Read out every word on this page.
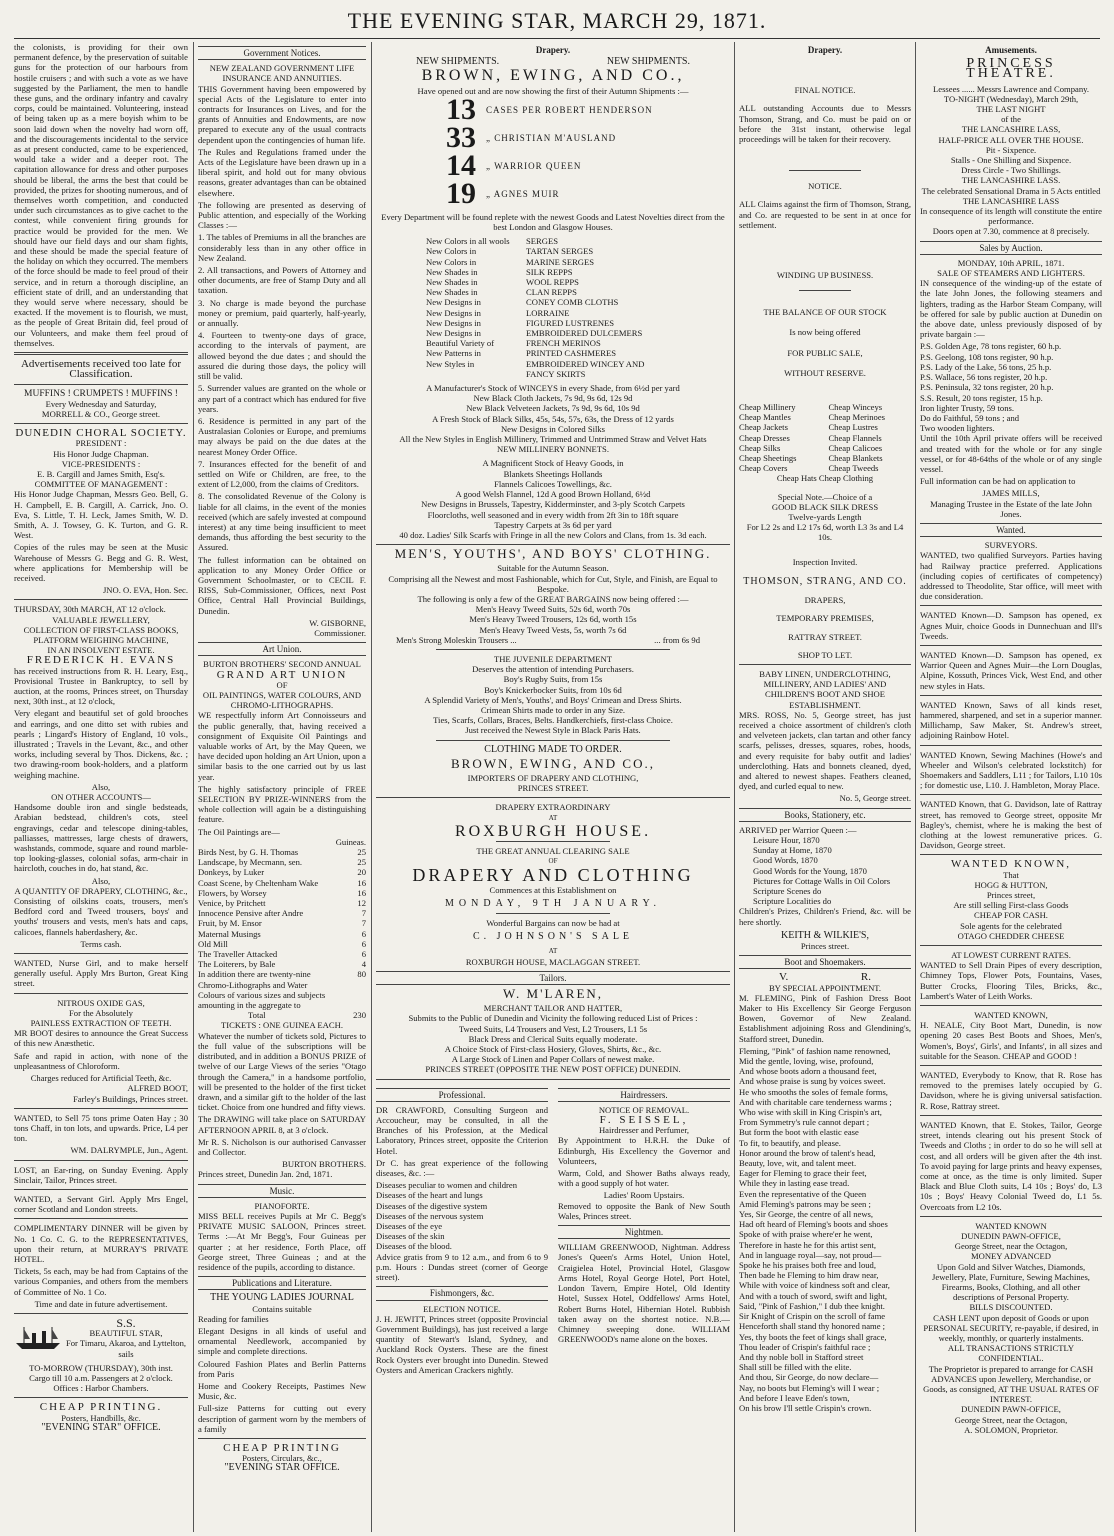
THE EVENING STAR, MARCH 29, 1871.

the colonists, is providing for their own permanent defence, by the preservation of suitable guns for the protection of our harbours from hostile cruisers ; and with such a vote as we have suggested by the Parliament, the men to handle these guns, and the ordinary infantry and cavalry corps, could be maintained. Volunteering, instead of being taken up as a mere boyish whim to be soon laid down when the novelty had worn off, and the discouragements incidental to the service as at present conducted, came to be experienced, would take a wider and a deeper root. The capitation allowance for dress and other purposes should be liberal, the arms the best that could be provided, the prizes for shooting numerous, and of themselves worth competition, and conducted under such circumstances as to give cachet to the contest, while convenient firing grounds for practice would be provided for the men. We should have our field days and our sham fights, and these should be made the special feature of the holiday on which they occurred. The members of the force should be made to feel proud of their service, and in return a thorough discipline, an efficient state of drill, and an understanding that they would serve where necessary, should be exacted. If the movement is to flourish, we must, as the people of Great Britain did, feel proud of our Volunteers, and make them feel proud of themselves.

Advertisements received too late for Classification.
MUFFINS ! CRUMPETS ! MUFFINS !
Every Wednesday and Saturday,
MORRELL & CO., George street.
DUNEDIN CHORAL SOCIETY.
PRESIDENT :
His Honor Judge Chapman.
VICE-PRESIDENTS :
E. B. Cargill and James Smith, Esq's.
COMMITTEE OF MANAGEMENT :

His Honor Judge Chapman, Messrs Geo. Bell, G. H. Campbell, E. B. Cargill, A. Carrick, Jno. O. Eva, S. Little, T. H. Leck, James Smith, W. D. Smith, A. J. Towsey, G. K. Turton, and G. R. West.

Copies of the rules may be seen at the Music Warehouse of Messrs G. Begg and G. R. West, where applications for Membership will be received.

JNO. O. EVA, Hon. Sec.
THURSDAY, 30th MARCH, AT 12 o'clock.
VALUABLE JEWELLERY,
COLLECTION OF FIRST-CLASS BOOKS,
PLATFORM WEIGHING MACHINE,
IN AN INSOLVENT ESTATE.
FREDERICK H. EVANS

has received instructions from R. H. Leary, Esq., Provisional Trustee in Bankruptcy, to sell by auction, at the rooms, Princes street, on Thursday next, 30th inst., at 12 o'clock,

Very elegant and beautiful set of gold brooches and earrings, and one ditto set with rubies and pearls ; Lingard's History of England, 10 vols., illustrated ; Travels in the Levant, &c., and other works, including several by Thos. Dickens, &c. ; two drawing-room book-holders, and a platform weighing machine.

Also,
ON OTHER ACCOUNTS—

Handsome double iron and single bedsteads, Arabian bedstead, children's cots, steel engravings, cedar and telescope dining-tables, palliasses, mattresses, large chests of drawers, washstands, commode, square and round marble-top looking-glasses, colonial sofas, arm-chair in haircloth, couches in do, hat stand, &c.

Also,
A QUANTITY OF DRAPERY, CLOTHING, &c.,

Consisting of oilskins coats, trousers, men's Bedford cord and Tweed trousers, boys' and youths' trousers and vests, men's hats and caps, calicoes, flannels haberdashery, &c.

Terms cash.

WANTED, Nurse Girl, and to make herself generally useful. Apply Mrs Burton, Great King street.

NITROUS OXIDE GAS,
For the Absolutely
PAINLESS EXTRACTION OF TEETH.

MR BOOT desires to announce the Great Success of this new Anæsthetic.

Safe and rapid in action, with none of the unpleasantness of Chloroform.

Charges reduced for Artificial Teeth, &c.
ALFRED BOOT,
Farley's Buildings, Princes street.

WANTED, to Sell 75 tons prime Oaten Hay ; 30 tons Chaff, in ton lots, and upwards. Price, L4 per ton.

WM. DALRYMPLE, Jun., Agent.

LOST, an Ear-ring, on Sunday Evening. Apply Sinclair, Tailor, Princes street.

WANTED, a Servant Girl. Apply Mrs Engel, corner Scotland and London streets.

COMPLIMENTARY DINNER will be given by No. 1 Co. C. G. to the REPRESENTATIVES, upon their return, at MURRAY'S PRIVATE HOTEL.

Tickets, 5s each, may be had from Captains of the various Companies, and others from the members of Committee of No. 1 Co.

Time and date in future advertisement.
S.S.
BEAUTIFUL STAR,
For Timaru, Akaroa, and Lyttelton, sails
TO-MORROW (THURSDAY), 30th inst.
Cargo till 10 a.m. Passengers at 2 o'clock.
Offices : Harbor Chambers.
CHEAP PRINTING.
Posters, Handbills, &c.
"EVENING STAR" OFFICE.
Government Notices.
NEW ZEALAND GOVERNMENT LIFE INSURANCE AND ANNUITIES.

THIS Government having been empowered by special Acts of the Legislature to enter into contracts for Insurances on Lives, and for the grants of Annuities and Endowments, are now prepared to execute any of the usual contracts dependent upon the contingencies of human life.

The Rules and Regulations framed under the Acts of the Legislature have been drawn up in a liberal spirit, and hold out for many obvious reasons, greater advantages than can be obtained elsewhere.

The following are presented as deserving of Public attention, and especially of the Working Classes :—

1. The tables of Premiums in all the branches are considerably less than in any other office in New Zealand.

2. All transactions, and Powers of Attorney and other documents, are free of Stamp Duty and all taxation.

3. No charge is made beyond the purchase money or premium, paid quarterly, half-yearly, or annually.

4. Fourteen to twenty-one days of grace, according to the intervals of payment, are allowed beyond the due dates ; and should the assured die during those days, the policy will still be valid.

5. Surrender values are granted on the whole or any part of a contract which has endured for five years.

6. Residence is permitted in any part of the Australasian Colonies or Europe, and premiums may always be paid on the due dates at the nearest Money Order Office.

7. Insurances effected for the benefit of and settled on Wife or Children, are free, to the extent of L2,000, from the claims of Creditors.

8. The consolidated Revenue of the Colony is liable for all claims, in the event of the monies received (which are safely invested at compound interest) at any time being insufficient to meet demands, thus affording the best security to the Assured.

The fullest information can be obtained on application to any Money Order Office or Government Schoolmaster, or to CECIL F. RISS, Sub-Commissioner, Offices, next Post Office, Central Hall Provincial Buildings, Dunedin.

W. GISBORNE,
Commissioner.
Art Union.
BURTON BROTHERS' SECOND ANNUAL
GRAND ART UNION
OF
OIL PAINTINGS, WATER COLOURS, AND CHROMO-LITHOGRAPHS.

WE respectfully inform Art Connoisseurs and the public generally, that, having received a consignment of Exquisite Oil Paintings and valuable works of Art, by the May Queen, we have decided upon holding an Art Union, upon a similar basis to the one carried out by us last year.

The highly satisfactory principle of FREE SELECTION BY PRIZE-WINNERS from the whole collection will again be a distinguishing feature.

The Oil Paintings are—
Guineas.
Birds Nest, by G. H. Thomas	25
Landscape, by Mecmann, sen.	25
Donkeys, by Luker	20
Coast Scene, by Cheltenham Wake	16
Flowers, by Worsey	16
Venice, by Pritchett	12
Innocence Pensive after Andre	7
Fruit, by M. Ensor	7
Maternal Musings	6
Old Mill	6
The Traveller Attacked	6
The Loiterers, by Bale	4
In addition there are twenty-nine Chromo-Lithographs and Water Colours of various sizes and subjects amounting in the aggregate to
80
Total	230
TICKETS : ONE GUINEA EACH.

Whatever the number of tickets sold, Pictures to the full value of the subscriptions will be distributed, and in addition a BONUS PRIZE of twelve of our Large Views of the series "Otago through the Camera," in a handsome portfolio, will be presented to the holder of the first ticket drawn, and a similar gift to the holder of the last ticket. Choice from one hundred and fifty views.

The DRAWING will take place on SATURDAY AFTERNOON APRIL 8, at 3 o'clock.

Mr R. S. Nicholson is our authorised Canvasser and Collector.

BURTON BROTHERS.
Princes street, Dunedin Jan. 2nd, 1871.
Music.
PIANOFORTE.

MISS BELL receives Pupils at Mr C. Begg's PRIVATE MUSIC SALOON, Princes street. Terms :—At Mr Begg's, Four Guineas per quarter ; at her residence, Forth Place, off George street, Three Guineas ; and at the residence of the pupils, according to distance.

Publications and Literature.
THE YOUNG LADIES JOURNAL
Contains suitable

Reading for families

Elegant Designs in all kinds of useful and ornamental Needlework, accompanied by simple and complete directions.

Coloured Fashion Plates and Berlin Patterns from Paris

Home and Cookery Receipts, Pastimes New Music, &c.

Full-size Patterns for cutting out every description of garment worn by the members of a family

CHEAP PRINTING
Posters, Circulars, &c.,
"EVENING STAR OFFICE.
Drapery.
NEW SHIPMENTS.	NEW SHIPMENTS.
BROWN, EWING, AND CO.,
Have opened out and are now showing the first of their Autumn Shipments :—
13	CASES PER ROBERT HENDERSON
33	„ CHRISTIAN M'AUSLAND
14	„ WARRIOR QUEEN
19	„ AGNES MUIR
Every Department will be found replete with the newest Goods and Latest Novelties direct from the best London and Glasgow Houses.
New Colors in all wools SERGES
New Colors in	TARTAN SERGES
New Colors in	MARINE SERGES
New Shades in	SILK REPPS
New Shades in	WOOL REPPS
New Shades in	CLAN REPPS
New Designs in	CONEY COMB CLOTHS
New Designs in	LORRAINE
New Designs in	FIGURED LUSTRENES
New Designs in	EMBROIDERED DULCEMERS
Beautiful Variety of	FRENCH MERINOS
New Patterns in	PRINTED CASHMERES
New Styles in	EMBROIDERED WINCEY AND FANCY SKIRTS
A Manufacturer's Stock of WINCEYS in every Shade, from 6½d per yard
New Black Cloth Jackets, 7s 9d, 9s 6d, 12s 9d
New Black Velveteen Jackets, 7s 9d, 9s 6d, 10s 9d
A Fresh Stock of Black Silks, 45s, 54s, 57s, 63s, the Dress of 12 yards
New Designs in Colored Silks
All the New Styles in English Millinery, Trimmed and Untrimmed Straw and Velvet Hats
NEW MILLINERY BONNETS.
A Magnificent Stock of Heavy Goods, in
Blankets Sheetings Hollands
Flannels Calicoes Towellings, &c.
A good Welsh Flannel, 12d A good Brown Holland, 6½d
New Designs in Brussels, Tapestry, Kidderminster, and 3-ply Scotch Carpets
Floorcloths, well seasoned and in every width from 2ft 3in to 18ft square
Tapestry Carpets at 3s 6d per yard
40 doz. Ladies' Silk Scarfs with Fringe in all the new Colors and Clans, from 1s. 3d each.
MEN'S, YOUTHS', AND BOYS' CLOTHING.
Suitable for the Autumn Season.
Comprising all the Newest and most Fashionable, which for Cut, Style, and Finish, are Equal to Bespoke.
The following is only a few of the GREAT BARGAINS now being offered :—
Men's Heavy Tweed Suits, 52s 6d, worth 70s
Men's Heavy Tweed Trousers, 12s 6d, worth 15s
Men's Heavy Tweed Vests, 5s, worth 7s 6d
Men's Strong Moleskin Trousers ...	... from 6s 9d
THE JUVENILE DEPARTMENT
Deserves the attention of intending Purchasers.
Boy's Rugby Suits, from 15s
Boy's Knickerbocker Suits, from 10s 6d
A Splendid Variety of Men's, Youths', and Boys' Crimean and Dress Shirts.
Crimean Shirts made to order in any Size.
Ties, Scarfs, Collars, Braces, Belts. Handkerchiefs, first-class Choice.
Just received the Newest Style in Black Paris Hats.
CLOTHING MADE TO ORDER.
BROWN, EWING, AND CO.,
IMPORTERS OF DRAPERY AND CLOTHING,
PRINCES STREET.
DRAPERY EXTRAORDINARY
AT
ROXBURGH HOUSE.
THE GREAT ANNUAL CLEARING SALE
OF
DRAPERY AND CLOTHING
Commences at this Establishment on
MONDAY, 9TH JANUARY.
Wonderful Bargains can now be had at
C. JOHNSON'S SALE
AT
ROXBURGH HOUSE, MACLAGGAN STREET.
Tailors.
W. M'LAREN,
MERCHANT TAILOR AND HATTER,
Submits to the Public of Dunedin and Vicinity the following reduced List of Prices :
Tweed Suits, L4 Trousers and Vest, L2 Trousers, L1 5s
Black Dress and Clerical Suits equally moderate.
A Choice Stock of First-class Hosiery, Gloves, Shirts, &c., &c.
A Large Stock of Linen and Paper Collars of newest make.
PRINCES STREET (OPPOSITE THE NEW POST OFFICE) DUNEDIN.
Professional.

DR CRAWFORD, Consulting Surgeon and Accoucheur, may be consulted, in all the Branches of his Profession, at the Medical Laboratory, Princes street, opposite the Criterion Hotel.

Dr C. has great experience of the following diseases, &c. :—

Diseases peculiar to women and children
Diseases of the heart and lungs
Diseases of the digestive system
Diseases of the nervous system
Diseases of the eye
Diseases of the skin
Diseases of the blood.

Advice gratis from 9 to 12 a.m., and from 6 to 9 p.m. Hours : Dundas street (corner of George street).

Fishmongers, &c.
ELECTION NOTICE.

J. H. JEWITT, Princes street (opposite Provincial Government Buildings), has just received a large quantity of Stewart's Island, Sydney, and Auckland Rock Oysters. These are the finest Rock Oysters ever brought into Dunedin. Stewed Oysters and American Crackers nightly.

Hairdressers.
NOTICE OF REMOVAL.
F. SEISSEL,
Hairdresser and Perfumer,

By Appointment to H.R.H. the Duke of Edinburgh, His Excellency the Governor and Volunteers,

Warm, Cold, and Shower Baths always ready, with a good supply of hot water.

Ladies' Room Upstairs.

Removed to opposite the Bank of New South Wales, Princes street.

Nightmen.

WILLIAM GREENWOOD, Nightman. Address Jones's Queen's Arms Hotel, Union Hotel, Craigielea Hotel, Provincial Hotel, Glasgow Arms Hotel, Royal George Hotel, Port Hotel, London Tavern, Empire Hotel, Old Identity Hotel, Sussex Hotel, Oddfellows' Arms Hotel, Robert Burns Hotel, Hibernian Hotel. Rubbish taken away on the shortest notice. N.B.—Chimney sweeping done. WILLIAM GREENWOOD's name alone on the boxes.

Drapery.
FINAL NOTICE.

ALL outstanding Accounts due to Messrs Thomson, Strang, and Co. must be paid on or before the 31st instant, otherwise legal proceedings will be taken for their recovery.

NOTICE.

ALL Claims against the firm of Thomson, Strang, and Co. are requested to be sent in at once for settlement.

WINDING UP BUSINESS.
THE BALANCE OF OUR STOCK
Is now being offered
FOR PUBLIC SALE,
WITHOUT RESERVE.
Cheap Millinery	Cheap Winceys
Cheap Mantles	Cheap Merinoes
Cheap Jackets	Cheap Lustres
Cheap Dresses	Cheap Flannels
Cheap Silks	Cheap Calicoes
Cheap Sheetings	Cheap Blankets
Cheap Covers	Cheap Tweeds
Cheap Hats Cheap Clothing
Special Note.—Choice of a
GOOD BLACK SILK DRESS
Twelve-yards Length
For L2 2s and L2 17s 6d, worth L3 3s and L4 10s.
Inspection Invited.
THOMSON, STRANG, AND CO.
DRAPERS,
TEMPORARY PREMISES,
RATTRAY STREET.
SHOP TO LET.
BABY LINEN, UNDERCLOTHING, MILLINERY, AND LADIES' AND CHILDREN'S BOOT AND SHOE ESTABLISHMENT.

MRS. ROSS, No. 5, George street, has just received a choice assortment of children's cloth and velveteen jackets, clan tartan and other fancy scarfs, pelisses, dresses, squares, robes, hoods, and every requisite for baby outfit and ladies' underclothing. Hats and bonnets cleaned, dyed, and altered to newest shapes. Feathers cleaned, dyed, and curled equal to new.

No. 5, George street.
Books, Stationery, etc.
ARRIVED per Warrior Queen :—
Leisure Hour, 1870
Sunday at Home, 1870
Good Words, 1870
Good Words for the Young, 1870
Pictures for Cottage Walls in Oil Colors
Scripture Scenes do
Scripture Localities do

Children's Prizes, Children's Friend, &c. will be here shortly.

KEITH & WILKIE'S,
Princes street.
Boot and Shoemakers.
V.	R.
BY SPECIAL APPOINTMENT.

M. FLEMING, Pink of Fashion Dress Boot Maker to His Excellency Sir George Ferguson Bowen, Governor of New Zealand. Establishment adjoining Ross and Glendining's, Stafford street, Dunedin.

Fleming, "Pink" of fashion name renowned,
Mid the gentle, loving, wise, profound,
And whose boots adorn a thousand feet,
And whose praise is sung by voices sweet.
He who smooths the soles of female forms,
And with charitable care tenderness warms ;
Who wise with skill in King Crispin's art,
From Symmetry's rule cannot depart ;
But form the boot with elastic ease
To fit, to beautify, and please.
Honor around the brow of talent's head,
Beauty, love, wit, and talent meet.
Eager for Fleming to grace their feet,
While they in lasting ease tread.
Even the representative of the Queen
Amid Fleming's patrons may be seen ;
Yes, Sir George, the centre of all news,
Had oft heard of Fleming's boots and shoes
Spoke of with praise where'er he went,
Therefore in haste he for this artist sent,
And in language royal—say, not proud—
Spoke he his praises both free and loud,
Then bade he Fleming to him draw near,
While with voice of kindness soft and clear,
And with a touch of sword, swift and light,
Said, "Pink of Fashion," I dub thee knight.
Sir Knight of Crispin on the scroll of fame
Henceforth shall stand thy honored name ;
Yes, thy boots the feet of kings shall grace,
Thou leader of Crispin's faithful race ;
And thy noble boll in Stafford street
Shall still be filled with the elite.
And thou, Sir George, do now declare—
Nay, no boots but Fleming's will I wear ;
And before I leave Eden's town,
On his brow I'll settle Crispin's crown.
Amusements.
PRINCESS THEATRE.
Lessees ...... Messrs Lawrence and Company.
TO-NIGHT (Wednesday), March 29th,
THE LAST NIGHT
of the
THE LANCASHIRE LASS,
HALF-PRICE ALL OVER THE HOUSE.
Pit - Sixpence.
Stalls - One Shilling and Sixpence.
Dress Circle - Two Shillings.
THE LANCASHIRE LASS.
The celebrated Sensational Drama in 5 Acts entitled
THE LANCASHIRE LASS
In consequence of its length will constitute the entire performance.
Doors open at 7.30, commence at 8 precisely.
Sales by Auction.
MONDAY, 10th APRIL, 1871.
SALE OF STEAMERS AND LIGHTERS.

IN consequence of the winding-up of the estate of the late John Jones, the following steamers and lighters, trading as the Harbor Steam Company, will be offered for sale by public auction at Dunedin on the above date, unless previously disposed of by private bargain :—

P.S. Golden Age, 78 tons register, 60 h.p.
P.S. Geelong, 108 tons register, 90 h.p.
P.S. Lady of the Lake, 56 tons, 25 h.p.
P.S. Wallace, 56 tons register, 20 h.p.
P.S. Peninsula, 32 tons register, 20 h.p.
S.S. Result, 20 tons register, 15 h.p.
Iron lighter Trusty, 59 tons.
Do do Faithful, 59 tons ; and
Two wooden lighters.

Until the 10th April private offers will be received and treated with for the whole or for any single vessel, or for 48-64ths of the whole or of any single vessel.

Full information can be had on application to

JAMES MILLS,
Managing Trustee in the Estate of the late John Jones.
Wanted.
SURVEYORS.

WANTED, two qualified Surveyors. Parties having had Railway practice preferred. Applications (including copies of certificates of competency) addressed to Theodolite, Star office, will meet with due consideration.

WANTED Known—D. Sampson has opened, ex Agnes Muir, choice Goods in Dunnechuan and Ill's Tweeds.

WANTED Known—D. Sampson has opened, ex Warrior Queen and Agnes Muir—the Lorn Douglas, Alpine, Kossuth, Princes Vick, West End, and other new styles in Hats.

WANTED Known, Saws of all kinds reset, hammered, sharpened, and set in a superior manner. Millichamp, Saw Maker, St. Andrew's street, adjoining Rainbow Hotel.

WANTED Known, Sewing Machines (Howe's and Wheeler and Wilson's celebrated lockstitch) for Shoemakers and Saddlers, L11 ; for Tailors, L10 10s ; for domestic use, L10. J. Hambleton, Moray Place.

WANTED Known, that G. Davidson, late of Rattray street, has removed to George street, opposite Mr Bagley's, chemist, where he is making the best of clothing at the lowest remunerative prices. G. Davidson, George street.

WANTED KNOWN,
That
HOGG & HUTTON,
Princes street,
Are still selling First-class Goods
CHEAP FOR CASH.
Sole agents for the celebrated
OTAGO CHEDDER CHEESE
AT LOWEST CURRENT RATES.

WANTED to Sell Drain Pipes of every description, Chimney Tops, Flower Pots, Fountains, Vases, Butter Crocks, Flooring Tiles, Bricks, &c., Lambert's Water of Leith Works.

WANTED KNOWN,

H. NEALE, City Boot Mart, Dunedin, is now opening 20 cases Best Boots and Shoes, Men's, Women's, Boys', Girls', and Infants', in all sizes and suitable for the Season. CHEAP and GOOD !

WANTED, Everybody to Know, that R. Rose has removed to the premises lately occupied by G. Davidson, where he is giving universal satisfaction. R. Rose, Rattray street.

WANTED Known, that E. Stokes, Tailor, George street, intends clearing out his present Stock of Tweeds and Cloths ; in order to do so he will sell at cost, and all orders will be given after the 4th inst. To avoid paying for large prints and heavy expenses, come at once, as the time is only limited. Super Black and Blue Cloth suits, L4 10s ; Boys' do, L3 10s ; Boys' Heavy Colonial Tweed do, L1 5s. Overcoats from L2 10s.

WANTED KNOWN
DUNEDIN PAWN-OFFICE,
George Street, near the Octagon,
MONEY ADVANCED
Upon Gold and Silver Watches, Diamonds, Jewellery, Plate, Furniture, Sewing Machines, Firearms, Books, Clothing, and all other descriptions of Personal Property.
BILLS DISCOUNTED.
CASH LENT upon deposit of Goods or upon PERSONAL SECURITY, re-payable, if desired, in weekly, monthly, or quarterly instalments.
ALL TRANSACTIONS STRICTLY CONFIDENTIAL.
The Proprietor is prepared to arrange for CASH ADVANCES upon Jewellery, Merchandise, or Goods, as consigned, AT THE USUAL RATES OF INTEREST.
DUNEDIN PAWN-OFFICE,
George Street, near the Octagon,
A. SOLOMON, Proprietor.
